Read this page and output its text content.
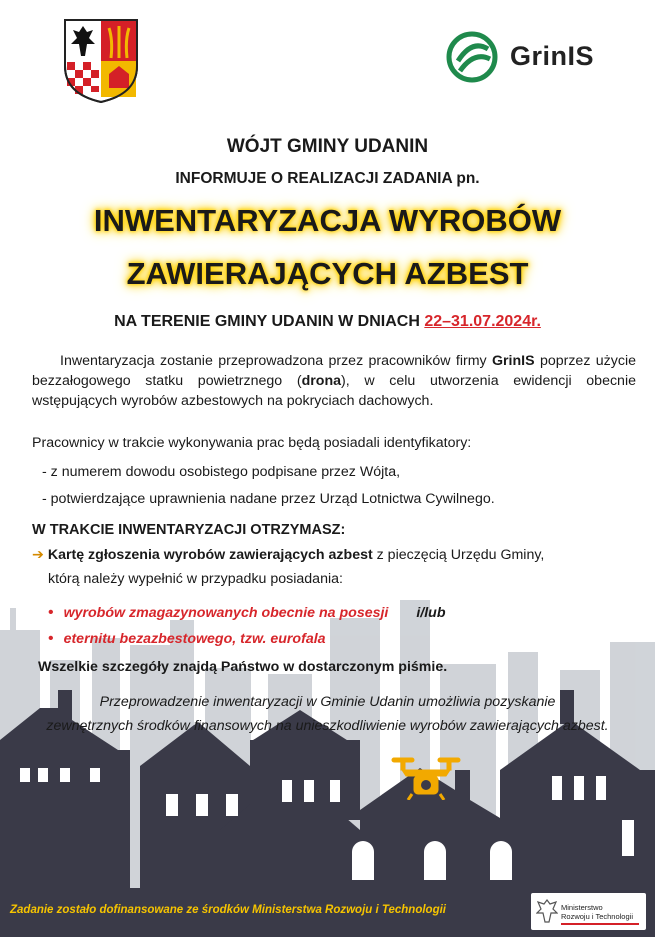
GrinIS
WÓJT GMINY UDANIN
INFORMUJE O REALIZACJI ZADANIA pn.
INWENTARYZACJA WYROBÓW
ZAWIERAJĄCYCH AZBEST
NA TERENIE GMINY UDANIN W DNIACH 22–31.07.2024r.
Inwentaryzacja zostanie przeprowadzona przez pracowników firmy GrinIS poprzez użycie bezzałogowego statku powietrznego (drona), w celu utworzenia ewidencji obecnie wstępujących wyrobów azbestowych na pokryciach dachowych.
Pracownicy w trakcie wykonywania prac będą posiadali identyfikatory:
- z numerem dowodu osobistego podpisane przez Wójta,
- potwierdzające uprawnienia nadane przez Urząd Lotnictwa Cywilnego.
W TRAKCIE INWENTARYZACJI OTRZYMASZ:
➔ Kartę zgłoszenia wyrobów zawierających azbest z pieczęcią Urzędu Gminy,
którą należy wypełnić w przypadku posiadania:
• wyrobów zmagazynowanych obecnie na posesji i/lub
• eternitu bezazbestowego, tzw. eurofala
Wszelkie szczegóły znajdą Państwo w dostarczonym piśmie.
Przeprowadzenie inwentaryzacji w Gminie Udanin umożliwia pozyskanie
zewnętrznych środków finansowych na unieszkodliwienie wyrobów zawierających azbest.
Zadanie zostało dofinansowane ze środków Ministerstwa Rozwoju i Technologii	Ministerstwo
Rozwoju i Technologii
